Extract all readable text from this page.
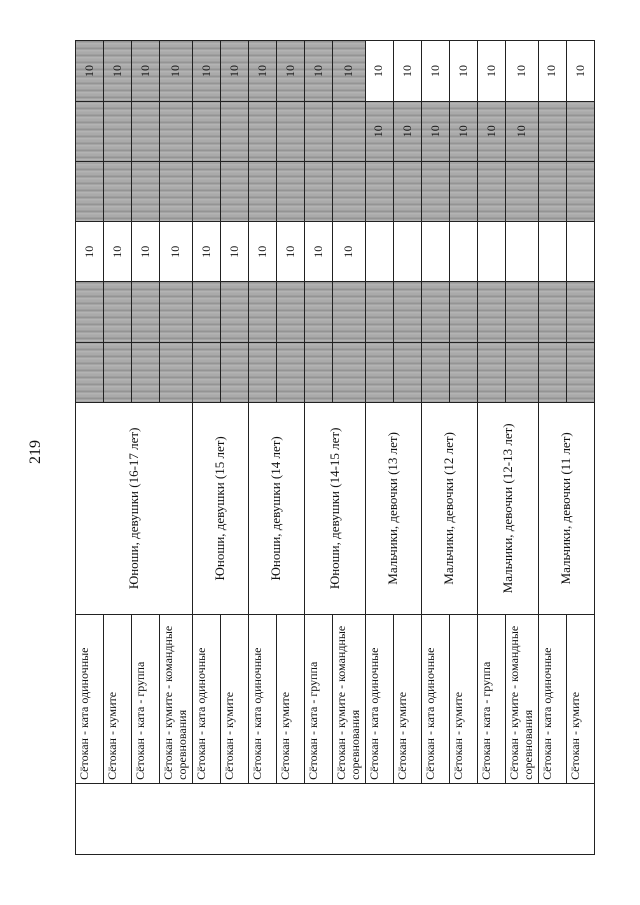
219
	Сётокан - ката одиночные	Юноши, девушки (16-17 лет)			10			10
	Сётокан - кумите				10			10
	Сётокан - ката - группа				10			10
	Сётокан - кумите - командные соревнования				10			10
	Сётокан - ката одиночные	Юноши, девушки (15 лет)			10			10
	Сётокан - кумите				10			10
	Сётокан - ката одиночные	Юноши, девушки (14 лет)			10			10
	Сётокан - кумите				10			10
	Сётокан - ката - группа	Юноши, девушки (14-15 лет)			10			10
	Сётокан - кумите - командные соревнования				10			10
	Сётокан - ката одиночные	Мальчики, девочки (13 лет)					10	10
	Сётокан - кумите						10	10
	Сётокан - ката одиночные	Мальчики, девочки (12 лет)					10	10
	Сётокан - кумите						10	10
	Сётокан - ката - группа	Мальчики, девочки (12-13 лет)					10	10
	Сётокан - кумите - командные соревнования						10	10
	Сётокан - ката одиночные	Мальчики, девочки (11 лет)						10
	Сётокан - кумите							10
